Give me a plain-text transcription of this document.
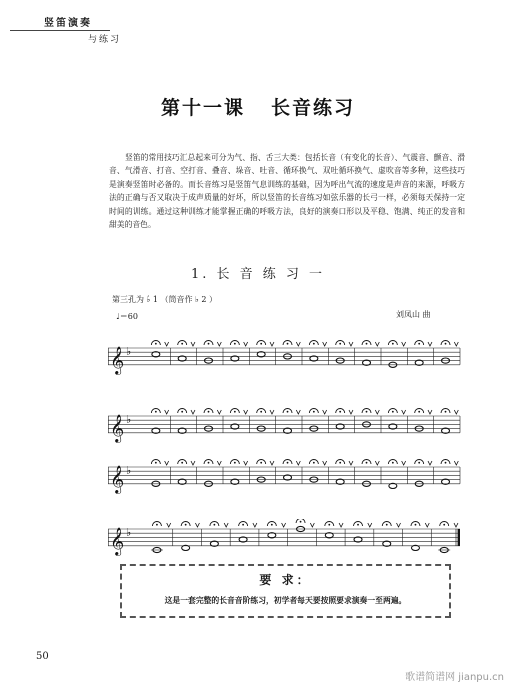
竖笛演奏
与练习
第十一课 长音练习

竖笛的常用技巧汇总起来可分为气、指、舌三大类：包括长音（有变化的长音）、气震音、颤音、滑音、气滑音、打音、空打音、叠音、垛音、吐音、循环换气、双吐循环换气、虚吹音等多种，这些技巧是演奏竖笛时必备的。而长音练习是竖笛气息训练的基础，因为呼出气流的速度是声音的来源，呼吸方法的正确与否又取决于成声质量的好坏，所以竖笛的长音练习如弦乐器的长弓一样，必须每天保持一定时间的训练。通过这种训练才能掌握正确的呼吸方法，良好的演奏口形以及平稳、饱满、纯正的发音和甜美的音色。

1. 长 音 练 习 一
第三孔为 ♭̇ 1 （筒音作 ♭ 2 ）
♩＝60	刘凤山 曲
𝄞 ♭
𝄞 ♭
𝄞 ♭
𝄞 ♭
要 求：
这是一套完整的长音音阶练习，初学者每天要按照要求演奏一至两遍。
50
歌谱简谱网 jianpu.cn
